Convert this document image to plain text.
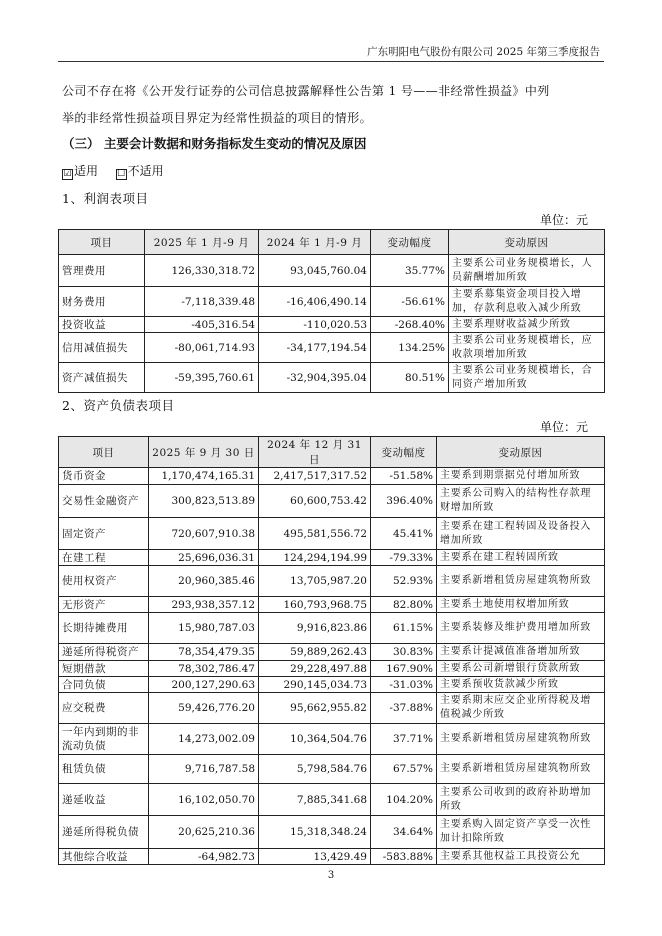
广东明阳电气股份有限公司 2025 年第三季度报告
公司不存在将《公开发行证券的公司信息披露解释性公告第 1 号——非经常性损益》中列
举的非经常性损益项目界定为经常性损益的项目的情形。
（三） 主要会计数据和财务指标发生变动的情况及原因
☑ 适用 ☐ 不适用
1、利润表项目
单位：元
项目	2025 年 1 月-9 月	2024 年 1 月-9 月	变动幅度	变动原因
管理费用	126,330,318.72	93,045,760.04	35.77%	主要系公司业务规模增长，人员薪酬增加所致
财务费用	-7,118,339.48	-16,406,490.14	-56.61%	主要系募集资金项目投入增加，存款利息收入减少所致
投资收益	-405,316.54	-110,020.53	-268.40%	主要系理财收益减少所致
信用减值损失	-80,061,714.93	-34,177,194.54	134.25%	主要系公司业务规模增长，应收款项增加所致
资产减值损失	-59,395,760.61	-32,904,395.04	80.51%	主要系公司业务规模增长，合同资产增加所致
2、资产负债表项目
单位：元
项目	2025 年 9 月 30 日	2024 年 12 月 31 日	变动幅度	变动原因
货币资金	1,170,474,165.31	2,417,517,317.52	-51.58%	主要系到期票据兑付增加所致
交易性金融资产	300,823,513.89	60,600,753.42	396.40%	主要系公司购入的结构性存款理财增加所致
固定资产	720,607,910.38	495,581,556.72	45.41%	主要系在建工程转固及设备投入增加所致
在建工程	25,696,036.31	124,294,194.99	-79.33%	主要系在建工程转固所致
使用权资产	20,960,385.46	13,705,987.20	52.93%	主要系新增租赁房屋建筑物所致
无形资产	293,938,357.12	160,793,968.75	82.80%	主要系土地使用权增加所致
长期待摊费用	15,980,787.03	9,916,823.86	61.15%	主要系装修及维护费用增加所致
递延所得税资产	78,354,479.35	59,889,262.43	30.83%	主要系计提减值准备增加所致
短期借款	78,302,786.47	29,228,497.88	167.90%	主要系公司新增银行贷款所致
合同负债	200,127,290.63	290,145,034.73	-31.03%	主要系预收货款减少所致
应交税费	59,426,776.20	95,662,955.82	-37.88%	主要系期末应交企业所得税及增值税减少所致
一年内到期的非流动负债	14,273,002.09	10,364,504.76	37.71%	主要系新增租赁房屋建筑物所致
租赁负债	9,716,787.58	5,798,584.76	67.57%	主要系新增租赁房屋建筑物所致
递延收益	16,102,050.70	7,885,341.68	104.20%	主要系公司收到的政府补助增加所致
递延所得税负债	20,625,210.36	15,318,348.24	34.64%	主要系购入固定资产享受一次性加计扣除所致
其他综合收益	-64,982.73	13,429.49	-583.88%	主要系其他权益工具投资公允
3
